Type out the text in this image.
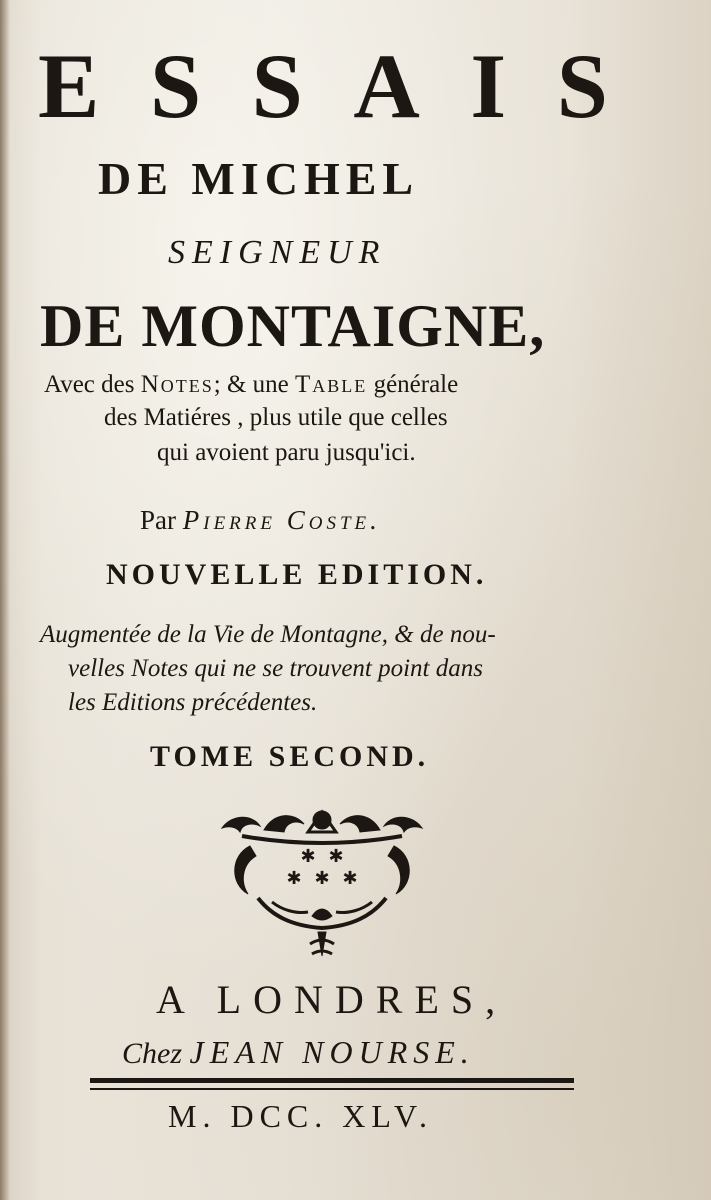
E S S A I S
DE MICHEL
SEIGNEUR
DE MONTAIGNE,
Avec des Notes; & une Table générale
des Matiéres , plus utile que celles
qui avoient paru jusqu'ici.
Par Pierre Coste.
NOUVELLE EDITION.
Augmentée de la Vie de Montagne, & de nou-
velles Notes qui ne se trouvent point dans
les Editions précédentes.
TOME SECOND.
✱ ✱
✱ ✱ ✱
A LONDRES,
Chez JEAN NOURSE.
M. DCC. XLV.
